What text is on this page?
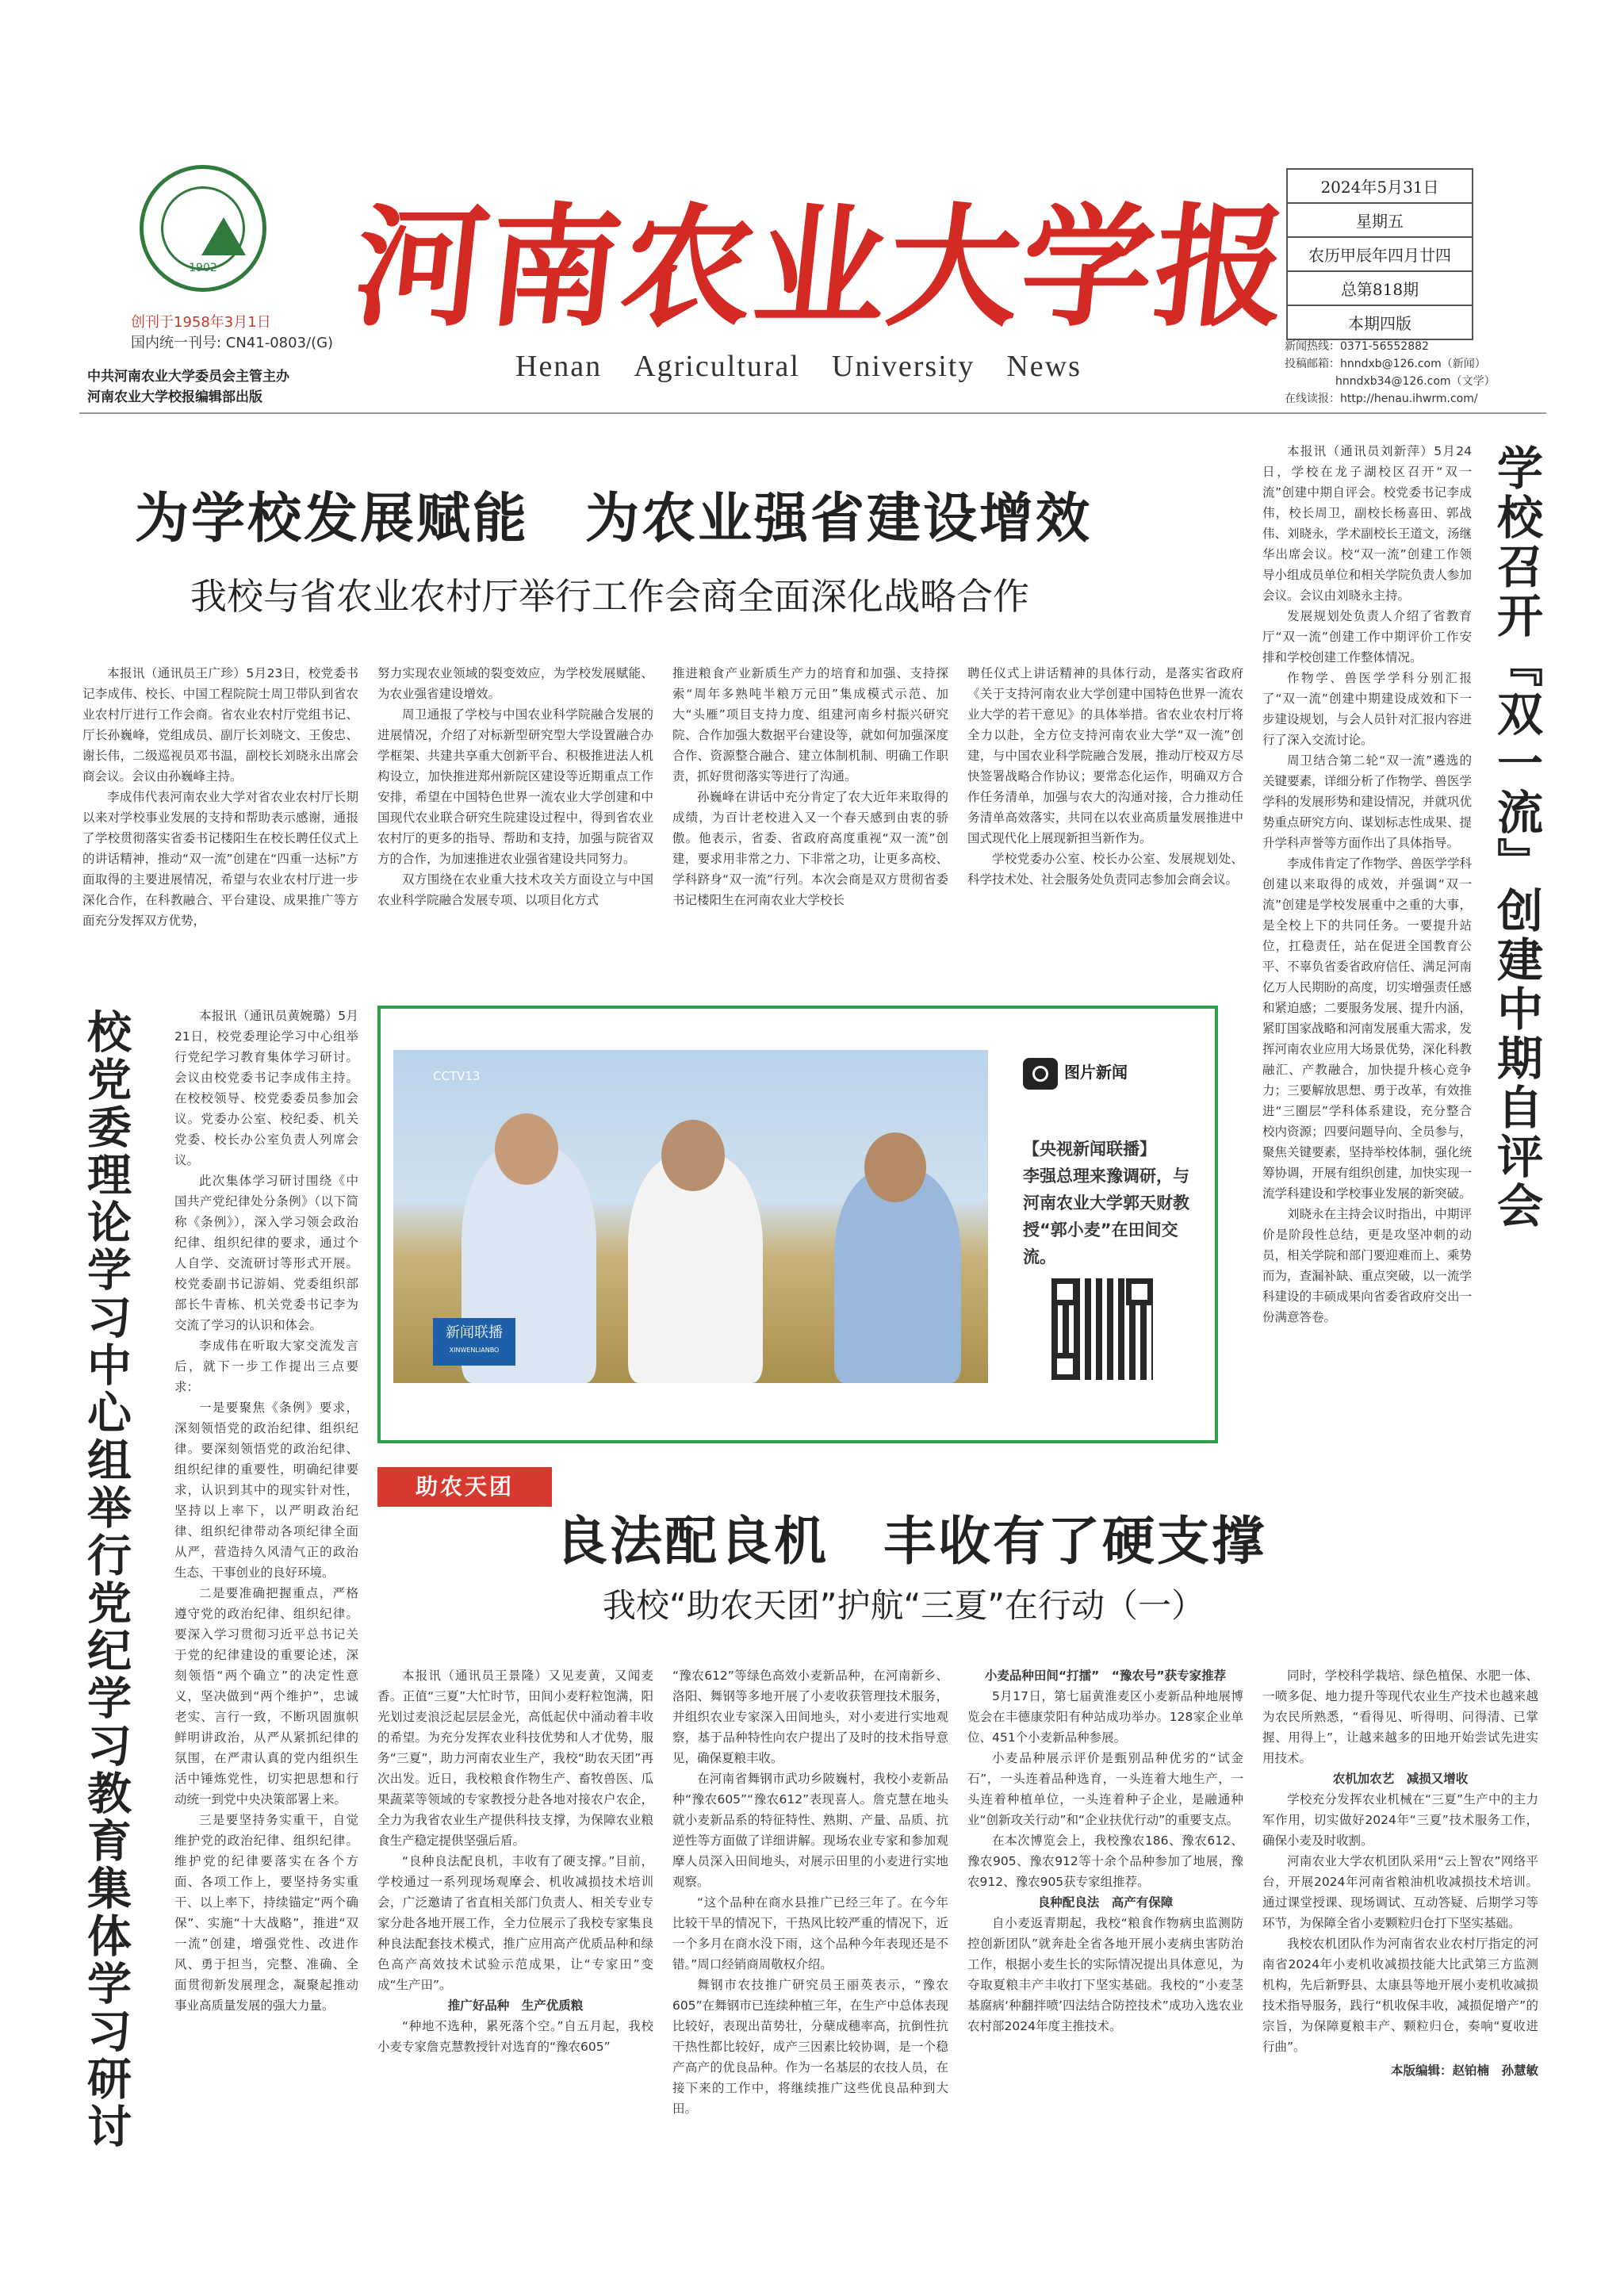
1902 河南农业大学报
Henan Agricultural University News
创刊于1958年3月1日
国内统一刊号: CN41-0803/(G)
中共河南农业大学委员会主管主办
河南农业大学校报编辑部出版
2024年5月31日
星期五
农历甲辰年四月廿四
总第818期
本期四版
新闻热线：0371-56552882
投稿邮箱：hnndxb@126.com（新闻）
hnndxb34@126.com（文学）
在线读报：http://henau.ihwrm.com/
为学校发展赋能　为农业强省建设增效
我校与省农业农村厅举行工作会商全面深化战略合作

本报讯（通讯员王广珍）5月23日，校党委书记李成伟、校长、中国工程院院士周卫带队到省农业农村厅进行工作会商。省农业农村厅党组书记、厅长孙巍峰，党组成员、副厅长刘晓文、王俊忠、谢长伟，二级巡视员邓书温，副校长刘晓永出席会商会议。会议由孙巍峰主持。

李成伟代表河南农业大学对省农业农村厅长期以来对学校事业发展的支持和帮助表示感谢，通报了学校贯彻落实省委书记楼阳生在校长聘任仪式上的讲话精神，推动“双一流”创建在“四重一达标”方面取得的主要进展情况，希望与农业农村厅进一步深化合作，在科教融合、平台建设、成果推广等方面充分发挥双方优势，

努力实现农业领域的裂变效应，为学校发展赋能、为农业强省建设增效。

周卫通报了学校与中国农业科学院融合发展的进展情况，介绍了对标新型研究型大学设置融合办学框架、共建共享重大创新平台、积极推进法人机构设立，加快推进郑州新院区建设等近期重点工作安排，希望在中国特色世界一流农业大学创建和中国现代农业联合研究生院建设过程中，得到省农业农村厅的更多的指导、帮助和支持，加强与院省双方的合作，为加速推进农业强省建设共同努力。

双方围绕在农业重大技术攻关方面设立与中国农业科学院融合发展专项、以项目化方式

推进粮食产业新质生产力的培育和加强、支持探索“周年多熟吨半粮万元田”集成模式示范、加大“头雁”项目支持力度、组建河南乡村振兴研究院、合作加强大数据平台建设等，就如何加强深度合作、资源整合融合、建立体制机制、明确工作职责，抓好贯彻落实等进行了沟通。

孙巍峰在讲话中充分肯定了农大近年来取得的成绩，为百计老校进入又一个春天感到由衷的骄傲。他表示，省委、省政府高度重视“双一流”创建，要求用非常之力、下非常之功，让更多高校、学科跻身“双一流”行列。本次会商是双方贯彻省委书记楼阳生在河南农业大学校长

聘任仪式上讲话精神的具体行动，是落实省政府《关于支持河南农业大学创建中国特色世界一流农业大学的若干意见》的具体举措。省农业农村厅将全力以赴，全方位支持河南农业大学“双一流”创建，与中国农业科学院融合发展，推动厅校双方尽快签署战略合作协议；要常态化运作，明确双方合作任务清单，加强与农大的沟通对接，合力推动任务清单高效落实，共同在以农业高质量发展推进中国式现代化上展现新担当新作为。

学校党委办公室、校长办公室、发展规划处、科学技术处、社会服务处负责同志参加会商会议。	学校召开『双一流』创建中期自评会

本报讯（通讯员刘新萍）5月24日，学校在龙子湖校区召开“双一流”创建中期自评会。校党委书记李成伟，校长周卫，副校长杨喜田、郭战伟、刘晓永，学术副校长王道文，汤继华出席会议。校“双一流”创建工作领导小组成员单位和相关学院负责人参加会议。会议由刘晓永主持。

发展规划处负责人介绍了省教育厅“双一流”创建工作中期评价工作安排和学校创建工作整体情况。

作物学、兽医学学科分别汇报了“双一流”创建中期建设成效和下一步建设规划，与会人员针对汇报内容进行了深入交流讨论。

周卫结合第二轮“双一流”遴选的关键要素，详细分析了作物学、兽医学学科的发展形势和建设情况，并就巩优势重点研究方向、谋划标志性成果、提升学科声誉等方面作出了具体指导。

李成伟肯定了作物学、兽医学学科创建以来取得的成效，并强调“双一流”创建是学校发展重中之重的大事，是全校上下的共同任务。一要提升站位，扛稳责任，站在促进全国教育公平、不辜负省委省政府信任、满足河南亿万人民期盼的高度，切实增强责任感和紧迫感；二要服务发展、提升内涵，紧盯国家战略和河南发展重大需求，发挥河南农业应用大场景优势，深化科教融汇、产教融合，加快提升核心竞争力；三要解放思想、勇于改革，有效推进“三圈层”学科体系建设，充分整合校内资源；四要问题导向、全员参与，聚焦关键要素，坚持举校体制，强化统筹协调，开展有组织创建，加快实现一流学科建设和学校事业发展的新突破。

刘晓永在主持会议时指出，中期评价是阶段性总结，更是攻坚冲刺的动员，相关学院和部门要迎难而上、乘势而为，查漏补缺、重点突破，以一流学科建设的丰硕成果向省委省政府交出一份满意答卷。

校党委理论学习中心组举行党纪学习教育集体学习研讨	本报讯（通讯员黄婉璐）5月21日，校党委理论学习中心组举行党纪学习教育集体学习研讨。会议由校党委书记李成伟主持。在校校领导、校党委委员参加会议。党委办公室、校纪委、机关党委、校长办公室负责人列席会议。

此次集体学习研讨围绕《中国共产党纪律处分条例》（以下简称《条例》），深入学习领会政治纪律、组织纪律的要求，通过个人自学、交流研讨等形式开展。校党委副书记游娟、党委组织部部长牛青栋、机关党委书记李为交流了学习的认识和体会。

李成伟在听取大家交流发言后，就下一步工作提出三点要求：

一是要聚焦《条例》要求，深刻领悟党的政治纪律、组织纪律。要深刻领悟党的政治纪律、组织纪律的重要性，明确纪律要求，认识到其中的现实针对性，坚持以上率下，以严明政治纪律、组织纪律带动各项纪律全面从严，营造持久风清气正的政治生态、干事创业的良好环境。

二是要准确把握重点，严格遵守党的政治纪律、组织纪律。要深入学习贯彻习近平总书记关于党的纪律建设的重要论述，深刻领悟“两个确立”的决定性意义，坚决做到“两个维护”，忠诚老实、言行一致，不断巩固旗帜鲜明讲政治，从严从紧抓纪律的氛围，在严肃认真的党内组织生活中锤炼党性，切实把思想和行动统一到党中央决策部署上来。

三是要坚持务实重干，自觉维护党的政治纪律、组织纪律。维护党的纪律要落实在各个方面、各项工作上，要坚持务实重干、以上率下，持续锚定“两个确保”、实施“十大战略”，推进“双一流”创建，增强党性、改进作风、勇于担当，完整、准确、全面贯彻新发展理念，凝聚起推动事业高质量发展的强大力量。

CCTV13
新闻联播
XINWENLIANBO
图片新闻
【央视新闻联播】
李强总理来豫调研，与河南农业大学郭天财教授“郭小麦”在田间交流。
助农天团
良法配良机　丰收有了硬支撑
我校“助农天团”护航“三夏”在行动（一）

本报讯（通讯员王景隆）又见麦黄，又闻麦香。正值“三夏”大忙时节，田间小麦籽粒饱满，阳光划过麦浪泛起层层金光，高低起伏中涌动着丰收的希望。为充分发挥农业科技优势和人才优势，服务“三夏”，助力河南农业生产，我校“助农天团”再次出发。近日，我校粮食作物生产、畜牧兽医、瓜果蔬菜等领域的专家教授分赴各地对接农户农企，全力为我省农业生产提供科技支撑，为保障农业粮食生产稳定提供坚强后盾。

“良种良法配良机，丰收有了硬支撑。”目前，学校通过一系列现场观摩会、机收减损技术培训会，广泛邀请了省直相关部门负责人、相关专业专家分赴各地开展工作，全力位展示了我校专家集良种良法配套技术模式，推广应用高产优质品种和绿色高产高效技术试验示范成果，让“专家田”变成“生产田”。

推广好品种　生产优质粮

“种地不选种，累死落个空。”自五月起，我校小麦专家詹克慧教授针对选育的“豫农605”

“豫农612”等绿色高效小麦新品种，在河南新乡、洛阳、舞钢等多地开展了小麦收获管理技术服务，并组织农业专家深入田间地头，对小麦进行实地观察，基于品种特性向农户提出了及时的技术指导意见，确保夏粮丰收。

在河南省舞钢市武功乡陂巍村，我校小麦新品种“豫农605”“豫农612”表现喜人。詹克慧在地头就小麦新品系的特征特性、熟期、产量、品质、抗逆性等方面做了详细讲解。现场农业专家和参加观摩人员深入田间地头，对展示田里的小麦进行实地观察。

“这个品种在商水县推广已经三年了。在今年比较干旱的情况下，干热风比较严重的情况下，近一个多月在商水没下雨，这个品种今年表现还是不错。”周口经销商周敬权介绍。

舞钢市农技推广研究员王丽英表示，“豫农605”在舞钢市已连续种植三年，在生产中总体表现比较好，表现出苗势壮，分蘖成穗率高，抗倒性抗干热性都比较好，成产三因素比较协调，是一个稳产高产的优良品种。作为一名基层的农技人员，在接下来的工作中，将继续推广这些优良品种到大田。

小麦品种田间“打擂”　“豫农号”获专家推荐

5月17日，第七届黄淮麦区小麦新品种地展博览会在丰德康荥阳有种站成功举办。128家企业单位、451个小麦新品种参展。

小麦品种展示评价是甄别品种优劣的“试金石”，一头连着品种选育，一头连着大地生产，一头连着种植单位，一头连着种子企业，是融通种业“创新攻关行动”和“企业扶优行动”的重要支点。

在本次博览会上，我校豫农186、豫农612、豫农905、豫农912等十余个品种参加了地展，豫农912、豫农905获专家组推荐。

良种配良法　高产有保障

自小麦返青期起，我校“粮食作物病虫监测防控创新团队”就奔赴全省各地开展小麦病虫害防治工作，根据小麦生长的实际情况提出具体意见，为夺取夏粮丰产丰收打下坚实基础。我校的“小麦茎基腐病‘种翻拌喷’四法结合防控技术”成功入选农业农村部2024年度主推技术。

同时，学校科学栽培、绿色植保、水肥一体、一喷多促、地力提升等现代农业生产技术也越来越为农民所熟悉，“看得见、听得明、问得清、已掌握、用得上”，让越来越多的田地开始尝试先进实用技术。

农机加农艺　减损又增收

学校充分发挥农业机械在“三夏”生产中的主力军作用，切实做好2024年“三夏”技术服务工作，确保小麦及时收割。

河南农业大学农机团队采用“云上智农”网络平台，开展2024年河南省粮油机收减损技术培训。通过课堂授课、现场调试、互动答疑、后期学习等环节，为保障全省小麦颗粒归仓打下坚实基础。

我校农机团队作为河南省农业农村厅指定的河南省2024年小麦机收减损技能大比武第三方监测机构，先后新野县、太康县等地开展小麦机收减损技术指导服务，践行“机收保丰收，减损促增产”的宗旨，为保障夏粮丰产、颗粒归仓，奏响“夏收进行曲”。

本版编辑：赵铂楠　孙慧敏
